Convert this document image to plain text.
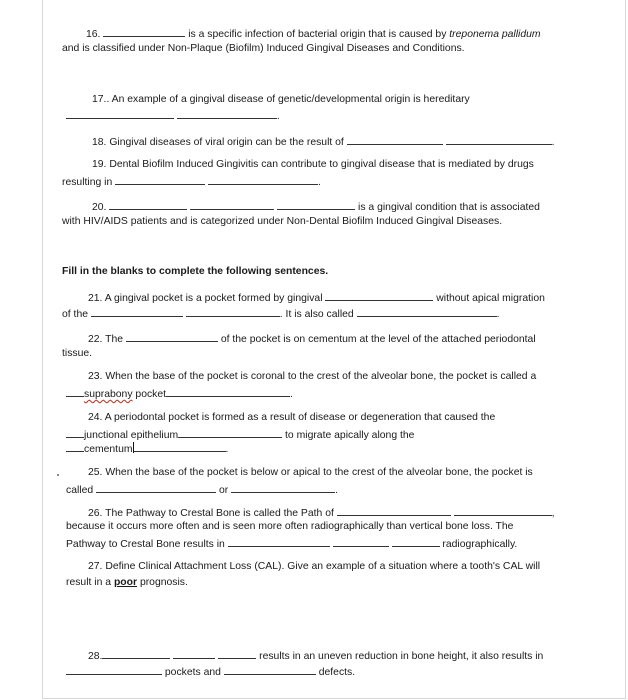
16.	is a specific infection of bacterial origin that is caused by treponema pallidum
and is classified under Non-Plaque (Biofilm) Induced Gingival Diseases and Conditions.
17.. An example of a gingival disease of genetic/developmental origin is hereditary
.
18. Gingival diseases of viral origin can be the result of	.
19. Dental Biofilm Induced Gingivitis can contribute to gingival disease that is mediated by drugs
resulting in	.
20.	is a gingival condition that is associated
with HIV/AIDS patients and is categorized under Non-Dental Biofilm Induced Gingival Diseases.
Fill in the blanks to complete the following sentences.
21. A gingival pocket is a pocket formed by gingival	without apical migration
of the	. It is also called	.
22. The	of the pocket is on cementum at the level of the attached periodontal
tissue.
23. When the base of the pocket is coronal to the crest of the alveolar bone, the pocket is called a
suprabony pocket	.
24. A periodontal pocket is formed as a result of disease or degeneration that caused the
junctional epithelium	to migrate apically along the
cementum	.
25. When the base of the pocket is below or apical to the crest of the alveolar bone, the pocket is
called	or	.
26. The Pathway to Crestal Bone is called the Path of	,
because it occurs more often and is seen more often radiographically than vertical bone loss. The
Pathway to Crestal Bone results in	radiographically.
27. Define Clinical Attachment Loss (CAL). Give an example of a situation where a tooth's CAL will
result in a poor prognosis.
28.	results in an uneven reduction in bone height, it also results in
pockets and	defects.
